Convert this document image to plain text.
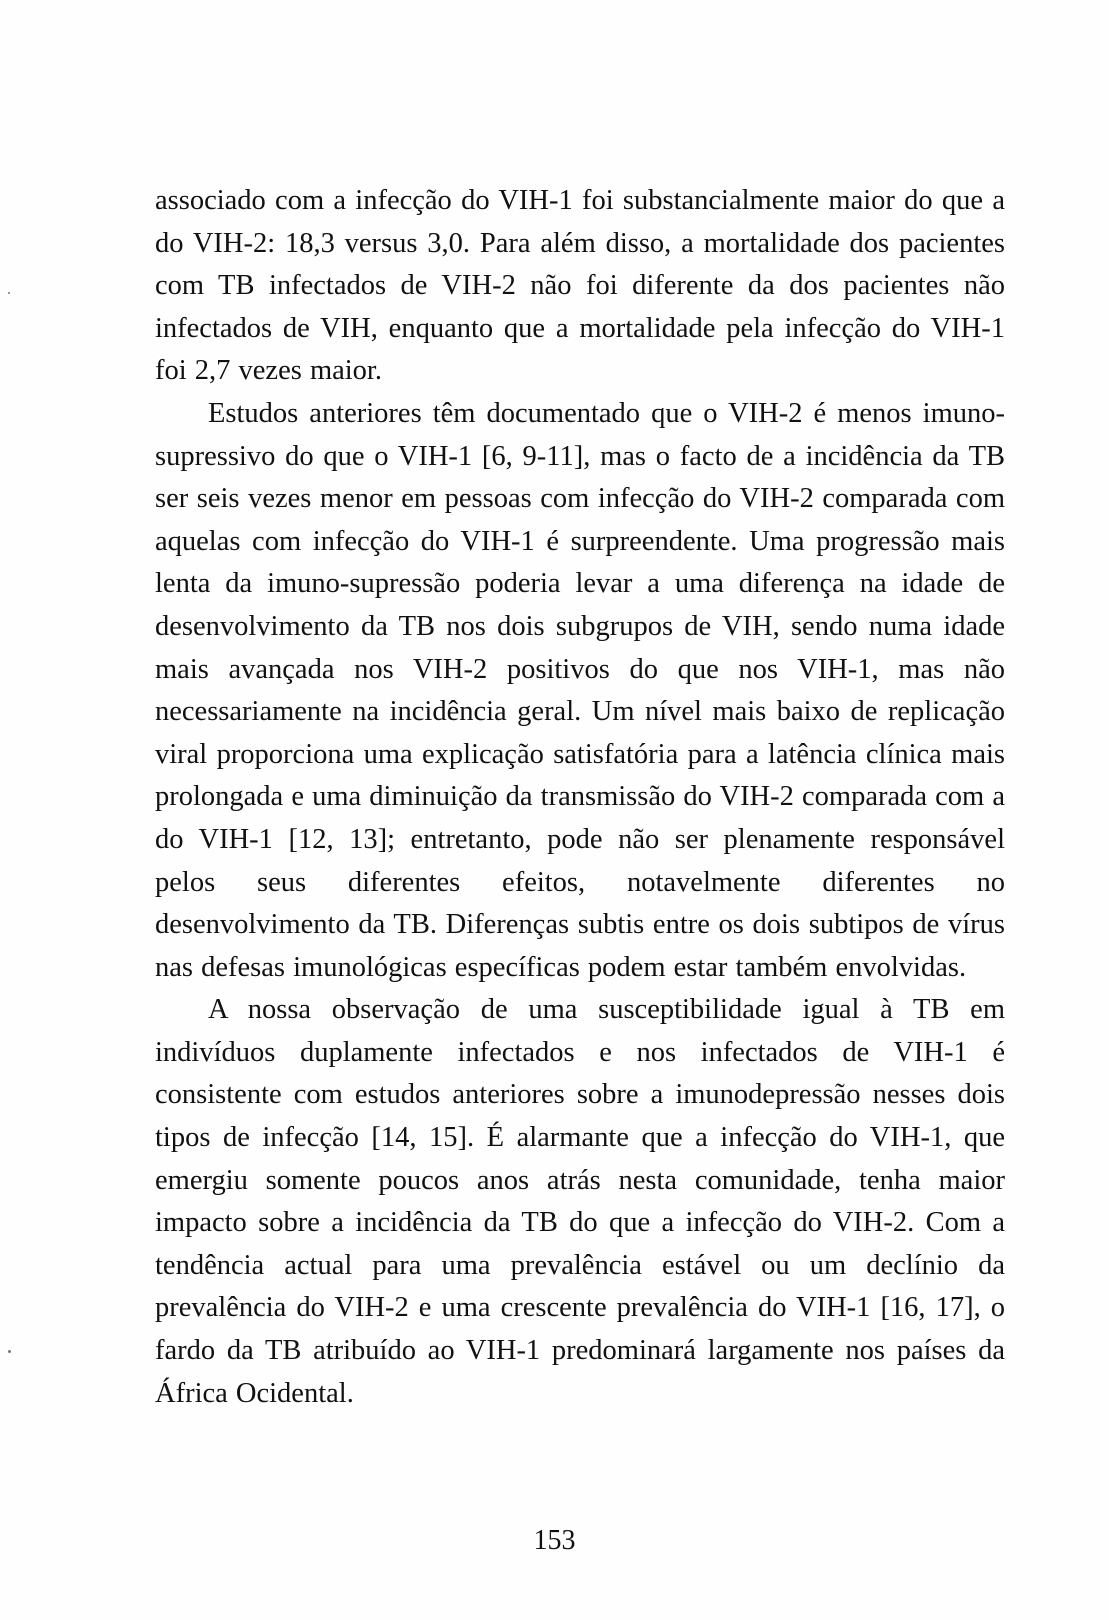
associado com a infecção do VIH-1 foi substancialmente maior do que a do VIH-2: 18,3 versus 3,0. Para além disso, a mortalidade dos pacientes com TB infectados de VIH-2 não foi diferente da dos pacientes não infectados de VIH, enquanto que a mortalidade pela infecção do VIH-1 foi 2,7 vezes maior.

Estudos anteriores têm documentado que o VIH-2 é menos imuno-supressivo do que o VIH-1 [6, 9-11], mas o facto de a incidência da TB ser seis vezes menor em pessoas com infecção do VIH-2 comparada com aquelas com infecção do VIH-1 é surpreendente. Uma progressão mais lenta da imuno-supressão poderia levar a uma diferença na idade de desenvolvimento da TB nos dois subgrupos de VIH, sendo numa idade mais avançada nos VIH-2 positivos do que nos VIH-1, mas não necessariamente na incidência geral. Um nível mais baixo de replicação viral proporciona uma explicação satisfatória para a latência clínica mais prolongada e uma diminuição da transmissão do VIH-2 comparada com a do VIH-1 [12, 13]; entretanto, pode não ser plenamente responsável pelos seus diferentes efeitos, notavelmente diferentes no desenvolvimento da TB. Diferenças subtis entre os dois subtipos de vírus nas defesas imunológicas específicas podem estar também envolvidas.

A nossa observação de uma susceptibilidade igual à TB em indivíduos duplamente infectados e nos infectados de VIH-1 é consistente com estudos anteriores sobre a imunodepressão nesses dois tipos de infecção [14, 15]. É alarmante que a infecção do VIH-1, que emergiu somente poucos anos atrás nesta comunidade, tenha maior impacto sobre a incidência da TB do que a infecção do VIH-2. Com a tendência actual para uma prevalência estável ou um declínio da prevalência do VIH-2 e uma crescente prevalência do VIH-1 [16, 17], o fardo da TB atribuído ao VIH-1 predominará largamente nos países da África Ocidental.

153
